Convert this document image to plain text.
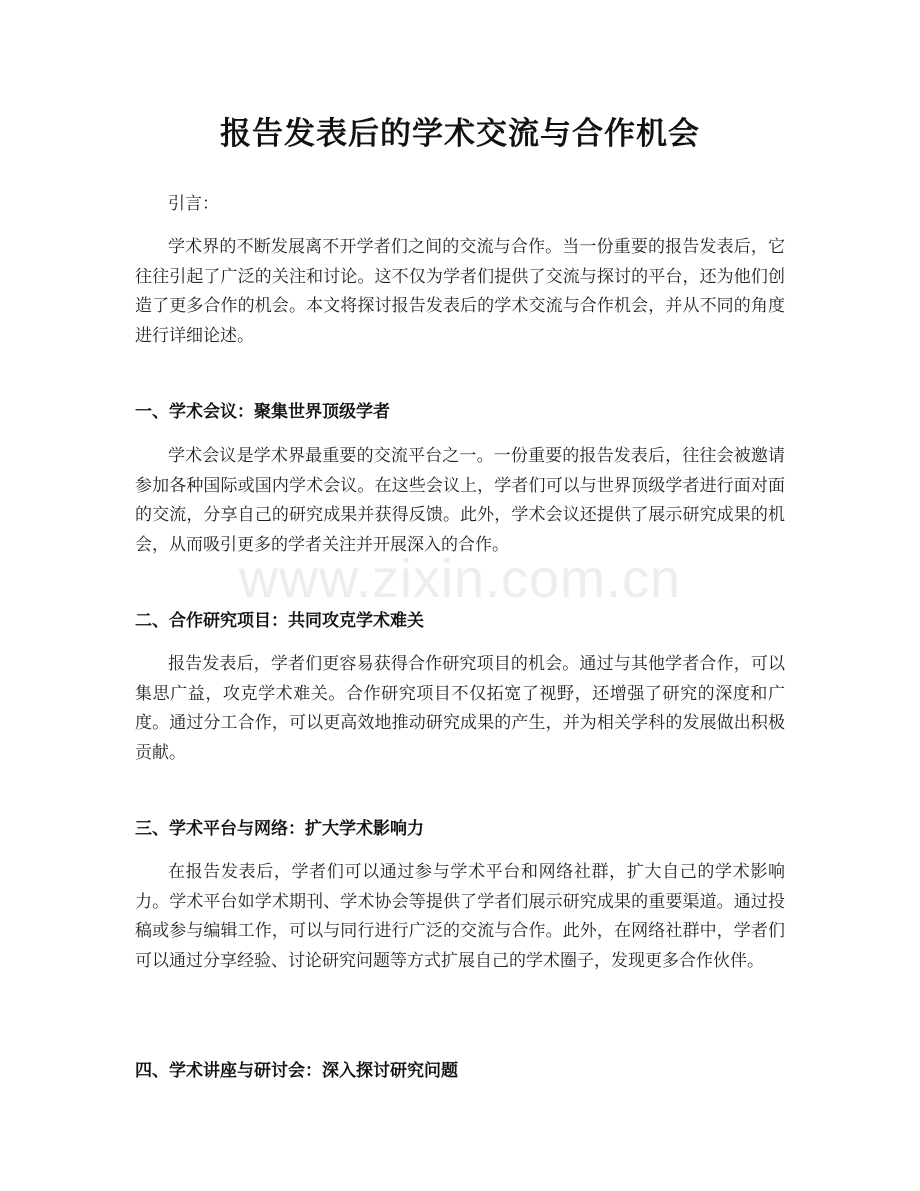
报告发表后的学术交流与合作机会
引言：

学术界的不断发展离不开学者们之间的交流与合作。当一份重要的报告发表后，它往往引起了广泛的关注和讨论。这不仅为学者们提供了交流与探讨的平台，还为他们创造了更多合作的机会。本文将探讨报告发表后的学术交流与合作机会，并从不同的角度进行详细论述。

一、学术会议：聚集世界顶级学者

学术会议是学术界最重要的交流平台之一。一份重要的报告发表后，往往会被邀请参加各种国际或国内学术会议。在这些会议上，学者们可以与世界顶级学者进行面对面的交流，分享自己的研究成果并获得反馈。此外，学术会议还提供了展示研究成果的机会，从而吸引更多的学者关注并开展深入的合作。

二、合作研究项目：共同攻克学术难关

报告发表后，学者们更容易获得合作研究项目的机会。通过与其他学者合作，可以集思广益，攻克学术难关。合作研究项目不仅拓宽了视野，还增强了研究的深度和广度。通过分工合作，可以更高效地推动研究成果的产生，并为相关学科的发展做出积极贡献。

三、学术平台与网络：扩大学术影响力

在报告发表后，学者们可以通过参与学术平台和网络社群，扩大自己的学术影响力。学术平台如学术期刊、学术协会等提供了学者们展示研究成果的重要渠道。通过投稿或参与编辑工作，可以与同行进行广泛的交流与合作。此外，在网络社群中，学者们可以通过分享经验、讨论研究问题等方式扩展自己的学术圈子，发现更多合作伙伴。

四、学术讲座与研讨会：深入探讨研究问题
www.zixin.com.cn
